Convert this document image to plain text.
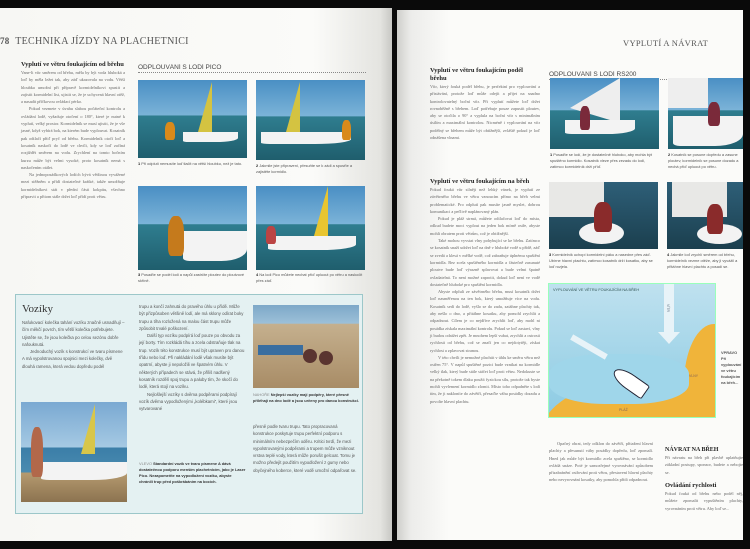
78 TECHNIKA JÍZDY NA PLACHETNICI
Vyplutí ve větru foukajícím od břehu

Vane-li vítr směrem od břehu, měla by být voda hluboká a loď by měla ležet tak, aby záď ukazovala na vodu. Větší hloubka umožní při přípravě kormidelníkovi spustit a zajistit kormidelní list, ujistit se, že je uchycená hlavní otěž, a nasadit příčkovou ovládací pérko.

Pokud vezmete v úvahu slabou počáteční kontrolu a ovládání lodě, vyžaduje otočení o 180°, které je nutné k vyplutí, velký prostor. Kormidelník se musí ujistit, že je vše jasné, když vybírá bok, na kterém bude vyplouvat. Kosatník pak odtlačí příď pryč od břehu. Kormidelník otočí loď a kosatník naskočí do lodě ve chvíli, kdy se loď začíná rozjíždět směrem na vodu. Zrychlení na tomto bočním kurzu může být velmi vysoké, proto kosatník nemá s naskočením otálet.

Na jednoposádkových lodích bývá většinou vyvážené mezi stěžněm a přídí dostatečné krátké, takže umožňuje kormidelníkovi stát v přední části kokpitu, všechno připravit a přitom stále držet loď přídí proti větru.

ODPLOUVÁNÍ S LODÍ PICO
1 Při odplutí nemusíte loď tlačit na větší hloubku, než je tato.	2 Jakmile jste připraveni, přesuňte se k zádi a spusťte a zajistěte kormidlo.
3 Posaďte se podél lodi a napůl zastrčte ploutev do ploutvové skříně.
4 Na lodi Pico můžete nechat příď upluout po větru a naskočit přes záď.
Vozíky

Nafukovací kolečka tahání vozíku značně usnadňují – čím měkčí povrch, tím větší kolečka potřebujete. Ujistěte se, že jsou kolečka po celou sezónu dobře nafouknutá.

Jednoduchý vozík s konstrukcí ve tvaru písmene A má vypolstrovanou spojnici mezi kolečky, dvě dlouhá ramena, která vedou dopředu podél

trupu a končí zahnutá do pravého úhlu u přídě. Může být přizpůsoben většině lodí, ale má sklony odírat boky trupu a tíha rozložená na malou část trupu může způsobit trvalé poškození.

Další typ vozíku podpírá loď pouze po obvodu za její borty. Tím rozkládá tíhu a zcela odstraňuje tlak na trup. Vozík této konstrukce musí být upraven pro danou třídu nebo loď. Při nakládání lodě však musíte být opatrní, abyste ji nepoložili ve špatném úhlu. V některých případech se stává, že příliš nadšený kosatník rozdělí spoj trupu a paluby tím, že skočí do lodě, která stojí na vozíku.

Nejlošlejší vozíky s dvěma podpěrami podpírají vozík dvěma vypodloženými „kolébkami“, které jsou vytvarované

VLEVO Standardní vozík ve tvaru písmene A dává dostatečnou podporu menším plachetnicím, jako je Laser Pico. Nezapomeňte na vypodložení vozíku, abyste chránili trup před poškrábáním na bocích.
NAHOŘE Nejlepší vozíky mají podpěry, které přesně přiléhají na dno lodě a jsou určeny pro danou konstrukci.

přesně podle tvaru trupu. Tato propracovaná konstrukce poskytuje trupu perfektní podporu s minimálním nebezpečím oděru. Kritici tvrdí, že mezi vypolstrovanými podpěrami a trupem může vzniknout vrstva teplé vody, která může porušit gelcoat. Tomu je možno předejít použitím vypodložení z gumy nebo obyčejného koberce, které vodě umožní odpařovat se.

VYPLUTÍ A NÁVRAT
Vyplutí ve větru foukajícím podél břehu

Vítr, který fouká podél břehu, je perfektní pro vyplouvání a přistávání, protože loď může odejít a přijet na snadno kontrolovatelný boční vítr. Při vyplutí můžete loď držet rovnoběžně s břehem. Loď potřebuje pouze zapustit ploutev, aby se otočila o 90° a vyplula na boční vítr s minimálním úsilím a maximální kontrolou. Nicméně i vyplouvání na vítr podélný se břehem může být obtížnější, zvláště pokud je loď odnášena vlnami.

Vyplutí ve větru foukajícím na břeh

Pokud fouká vítr silněji než lehký vánek, je vyplutí ze závětrného břehu ve větru vanoucím přímo na břeh velmi problematické. Pro odplutí pak musíte jasně myslet, dobrou komunikaci a pečlivě naplánovaný plán.

Pokud je pláž strmá, můžete odtlačovat loď do místa, odkud budete moci vyplout na jeden bok mírně ostře, abyste mohli obratem proti větrům, což je obtížnější.

Také mohou vyvstat vlny pohybující se ke břehu. Zatímco se kosatník snaží udržet loď na dně v hluboké vodě u přídě, záď se zvedá a klesá v mělké vodě, což zabraňuje úplnému spuštění kormidla. Bez zcela spuštěného kormidla a částečně zasunuté ploutve bude loď výrazně splavovat a bude velmi špatně ovladatelná. To není možné zaprotit, dokud loď není ve vodě dostatečně hluboké pro spuštění kormidla.

Abyste odpluli ze závětrného břehu, musí kosatník držet loď nasměřenou na ten bok, který umožňuje více na vodu. Kosatník sedí do lodě, vyšlo se do zadu, zatáhne plachty tak, aby nešlo o dno, a přitáhne kosatku, aby pomohl zrychlit a odpadnout. Cílem je co nejdříve zrychlit loď, aby mohl ni posádka získala maximální kontrolu. Pokud se loď zastaví, vlny ji budou odrážet zpět. Je mnohem lepší vubat, zrychlit a ostrosti rychlosti od břehu, což se značí jen co nejdotytěji, získat rychlost a zplavovat stranou.

V této chvíli je nemožné plachtit v úhlu ke směru větru než ostřen 75°. V napůl spuštěné pozici bude vznikat na kormidle velký tlak, který bude stále stáčet loď proti větru. Nedokuste se na překotně tokem dlaku použít fyzickou sílu, protože tak byste mohli vyvlemení kormidlo zlomit. Místo toho odpadněte s lodí tím, že ji nakloníte do závětří, přesaďte váhu posádky dozadu a povolte hlavní plachtu.

ODPLOUVÁNÍ S LODÍ RS200
1 Posaďte se lodí, že je dostatečně hluboko, aby mohla být spuštěno kormidlo. Kosatník vleze přes zezadu do lodi, zatímco kormidelník drží příď.
2 Kosatník se posune dopředu a zasune ploutev, kormidelník se posune dozadu a nechá příď upluout po větru.
3 Kormidelník uchopí kormidelní páku a nasedne přes záď. Ubírne hlavní plachtu, zatímco kosatník drží kosatku, aby se loď rozjela.
4 Jakmile loď zrychlí směrem od břehu, kormidelník vezme otěže, aby ji vyvážil a přitáhne hlavní plachtu a posadí se.
VYPLOUVÁNÍ VE VĚTRU FOUKAJÍCÍM NA BŘEH
VÍTR
VLNY
PLÁŽ
VPRAVO Při vyplouvání ve větru foukajícím na břeh...

Opačný obrat, tedy odklon do závětří, přitažení hlavní plachty a přesunutí váhy posádky dopředu, loď zpomalí. Hned jak může být kormidlo zcela spuštěno, se kormidlo ovládá snáze. Poté je samozřejmé vyrovnávání způsobem přizabránění ostřování proti větru, přestavení hlavní plachty nebo nevyrovnání kosatky, aby pomohla přídi odpadnout.

NÁVRAT NA BŘEH

Při návratu na břeh při plavbě uplatňujte základní postupy, sponzor, budete a nebojte se.

Ovládání rychlosti

Pokud fouká od břehu nebo podél něj, můžete zpomalit vypuštěním plachty, vyrovnáním proti větru. Aby loď se...
